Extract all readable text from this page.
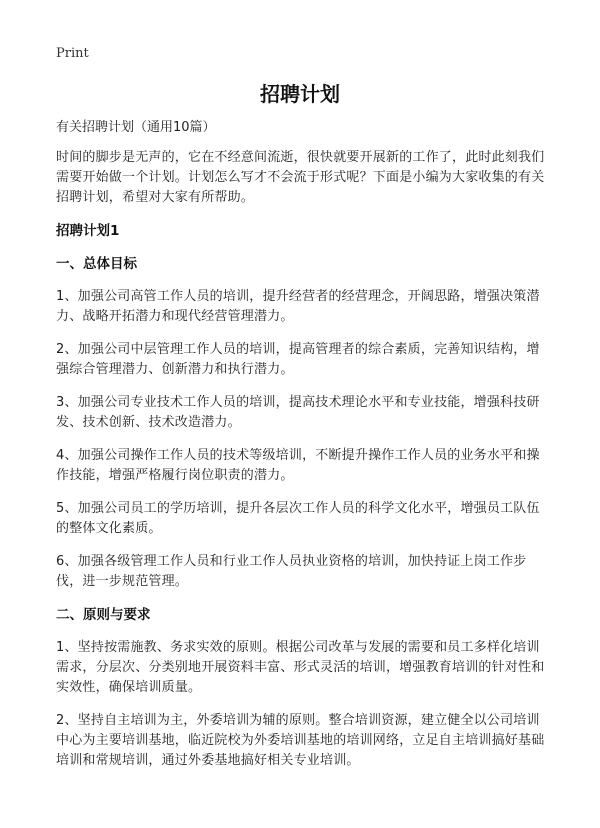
Print
招聘计划

有关招聘计划（通用10篇）

时间的脚步是无声的，它在不经意间流逝，很快就要开展新的工作了，此时此刻我们需要开始做一个计划。计划怎么写才不会流于形式呢？下面是小编为大家收集的有关招聘计划，希望对大家有所帮助。

招聘计划1

一、总体目标

1、加强公司高管工作人员的培训，提升经营者的经营理念，开阔思路，增强决策潜力、战略开拓潜力和现代经营管理潜力。

2、加强公司中层管理工作人员的培训，提高管理者的综合素质，完善知识结构，增强综合管理潜力、创新潜力和执行潜力。

3、加强公司专业技术工作人员的培训，提高技术理论水平和专业技能，增强科技研发、技术创新、技术改造潜力。

4、加强公司操作工作人员的技术等级培训，不断提升操作工作人员的业务水平和操作技能，增强严格履行岗位职责的潜力。

5、加强公司员工的学历培训，提升各层次工作人员的科学文化水平，增强员工队伍的整体文化素质。

6、加强各级管理工作人员和行业工作人员执业资格的培训，加快持证上岗工作步伐，进一步规范管理。

二、原则与要求

1、坚持按需施教、务求实效的原则。根据公司改革与发展的需要和员工多样化培训需求，分层次、分类别地开展资料丰富、形式灵活的培训，增强教育培训的针对性和实效性，确保培训质量。

2、坚持自主培训为主，外委培训为辅的原则。整合培训资源，建立健全以公司培训中心为主要培训基地，临近院校为外委培训基地的培训网络，立足自主培训搞好基础培训和常规培训，通过外委基地搞好相关专业培训。
